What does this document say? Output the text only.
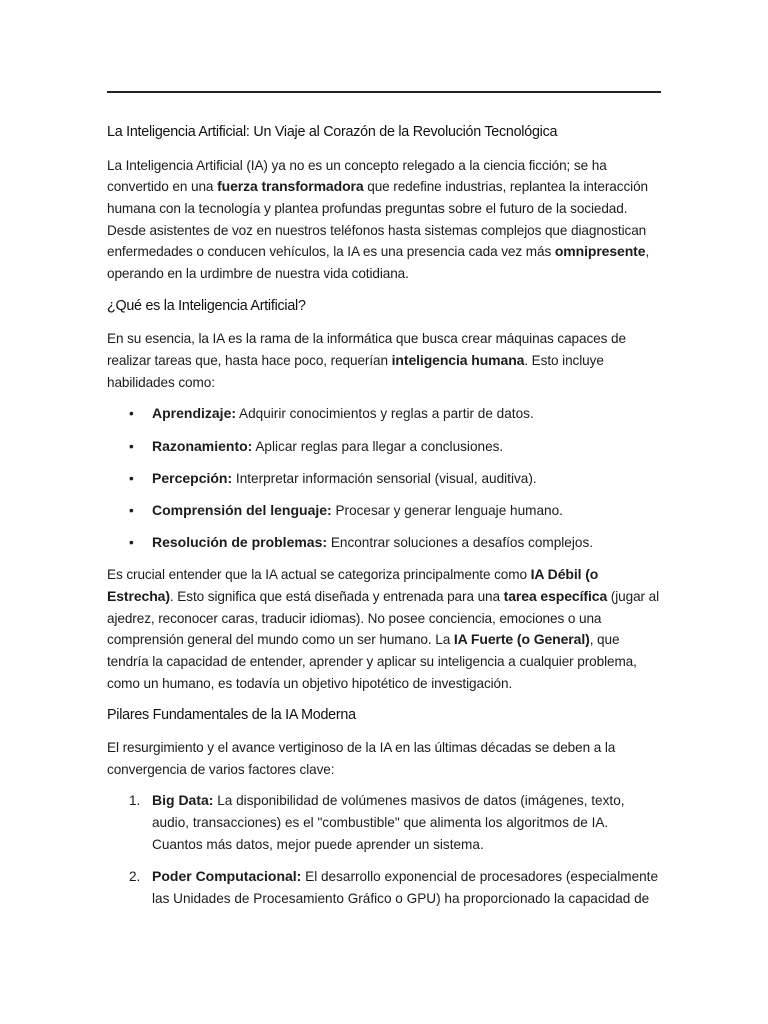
La Inteligencia Artificial: Un Viaje al Corazón de la Revolución Tecnológica

La Inteligencia Artificial (IA) ya no es un concepto relegado a la ciencia ficción; se ha convertido en una fuerza transformadora que redefine industrias, replantea la interacción humana con la tecnología y plantea profundas preguntas sobre el futuro de la sociedad. Desde asistentes de voz en nuestros teléfonos hasta sistemas complejos que diagnostican enfermedades o conducen vehículos, la IA es una presencia cada vez más omnipresente, operando en la urdimbre de nuestra vida cotidiana.

¿Qué es la Inteligencia Artificial?

En su esencia, la IA es la rama de la informática que busca crear máquinas capaces de realizar tareas que, hasta hace poco, requerían inteligencia humana. Esto incluye habilidades como:

• Aprendizaje: Adquirir conocimientos y reglas a partir de datos.
• Razonamiento: Aplicar reglas para llegar a conclusiones.
• Percepción: Interpretar información sensorial (visual, auditiva).
• Comprensión del lenguaje: Procesar y generar lenguaje humano.
• Resolución de problemas: Encontrar soluciones a desafíos complejos.

Es crucial entender que la IA actual se categoriza principalmente como IA Débil (o Estrecha). Esto significa que está diseñada y entrenada para una tarea específica (jugar al ajedrez, reconocer caras, traducir idiomas). No posee conciencia, emociones o una comprensión general del mundo como un ser humano. La IA Fuerte (o General), que tendría la capacidad de entender, aprender y aplicar su inteligencia a cualquier problema, como un humano, es todavía un objetivo hipotético de investigación.

Pilares Fundamentales de la IA Moderna

El resurgimiento y el avance vertiginoso de la IA en las últimas décadas se deben a la convergencia de varios factores clave:

1. Big Data: La disponibilidad de volúmenes masivos de datos (imágenes, texto, audio, transacciones) es el "combustible" que alimenta los algoritmos de IA. Cuantos más datos, mejor puede aprender un sistema.
2. Poder Computacional: El desarrollo exponencial de procesadores (especialmente las Unidades de Procesamiento Gráfico o GPU) ha proporcionado la capacidad de
